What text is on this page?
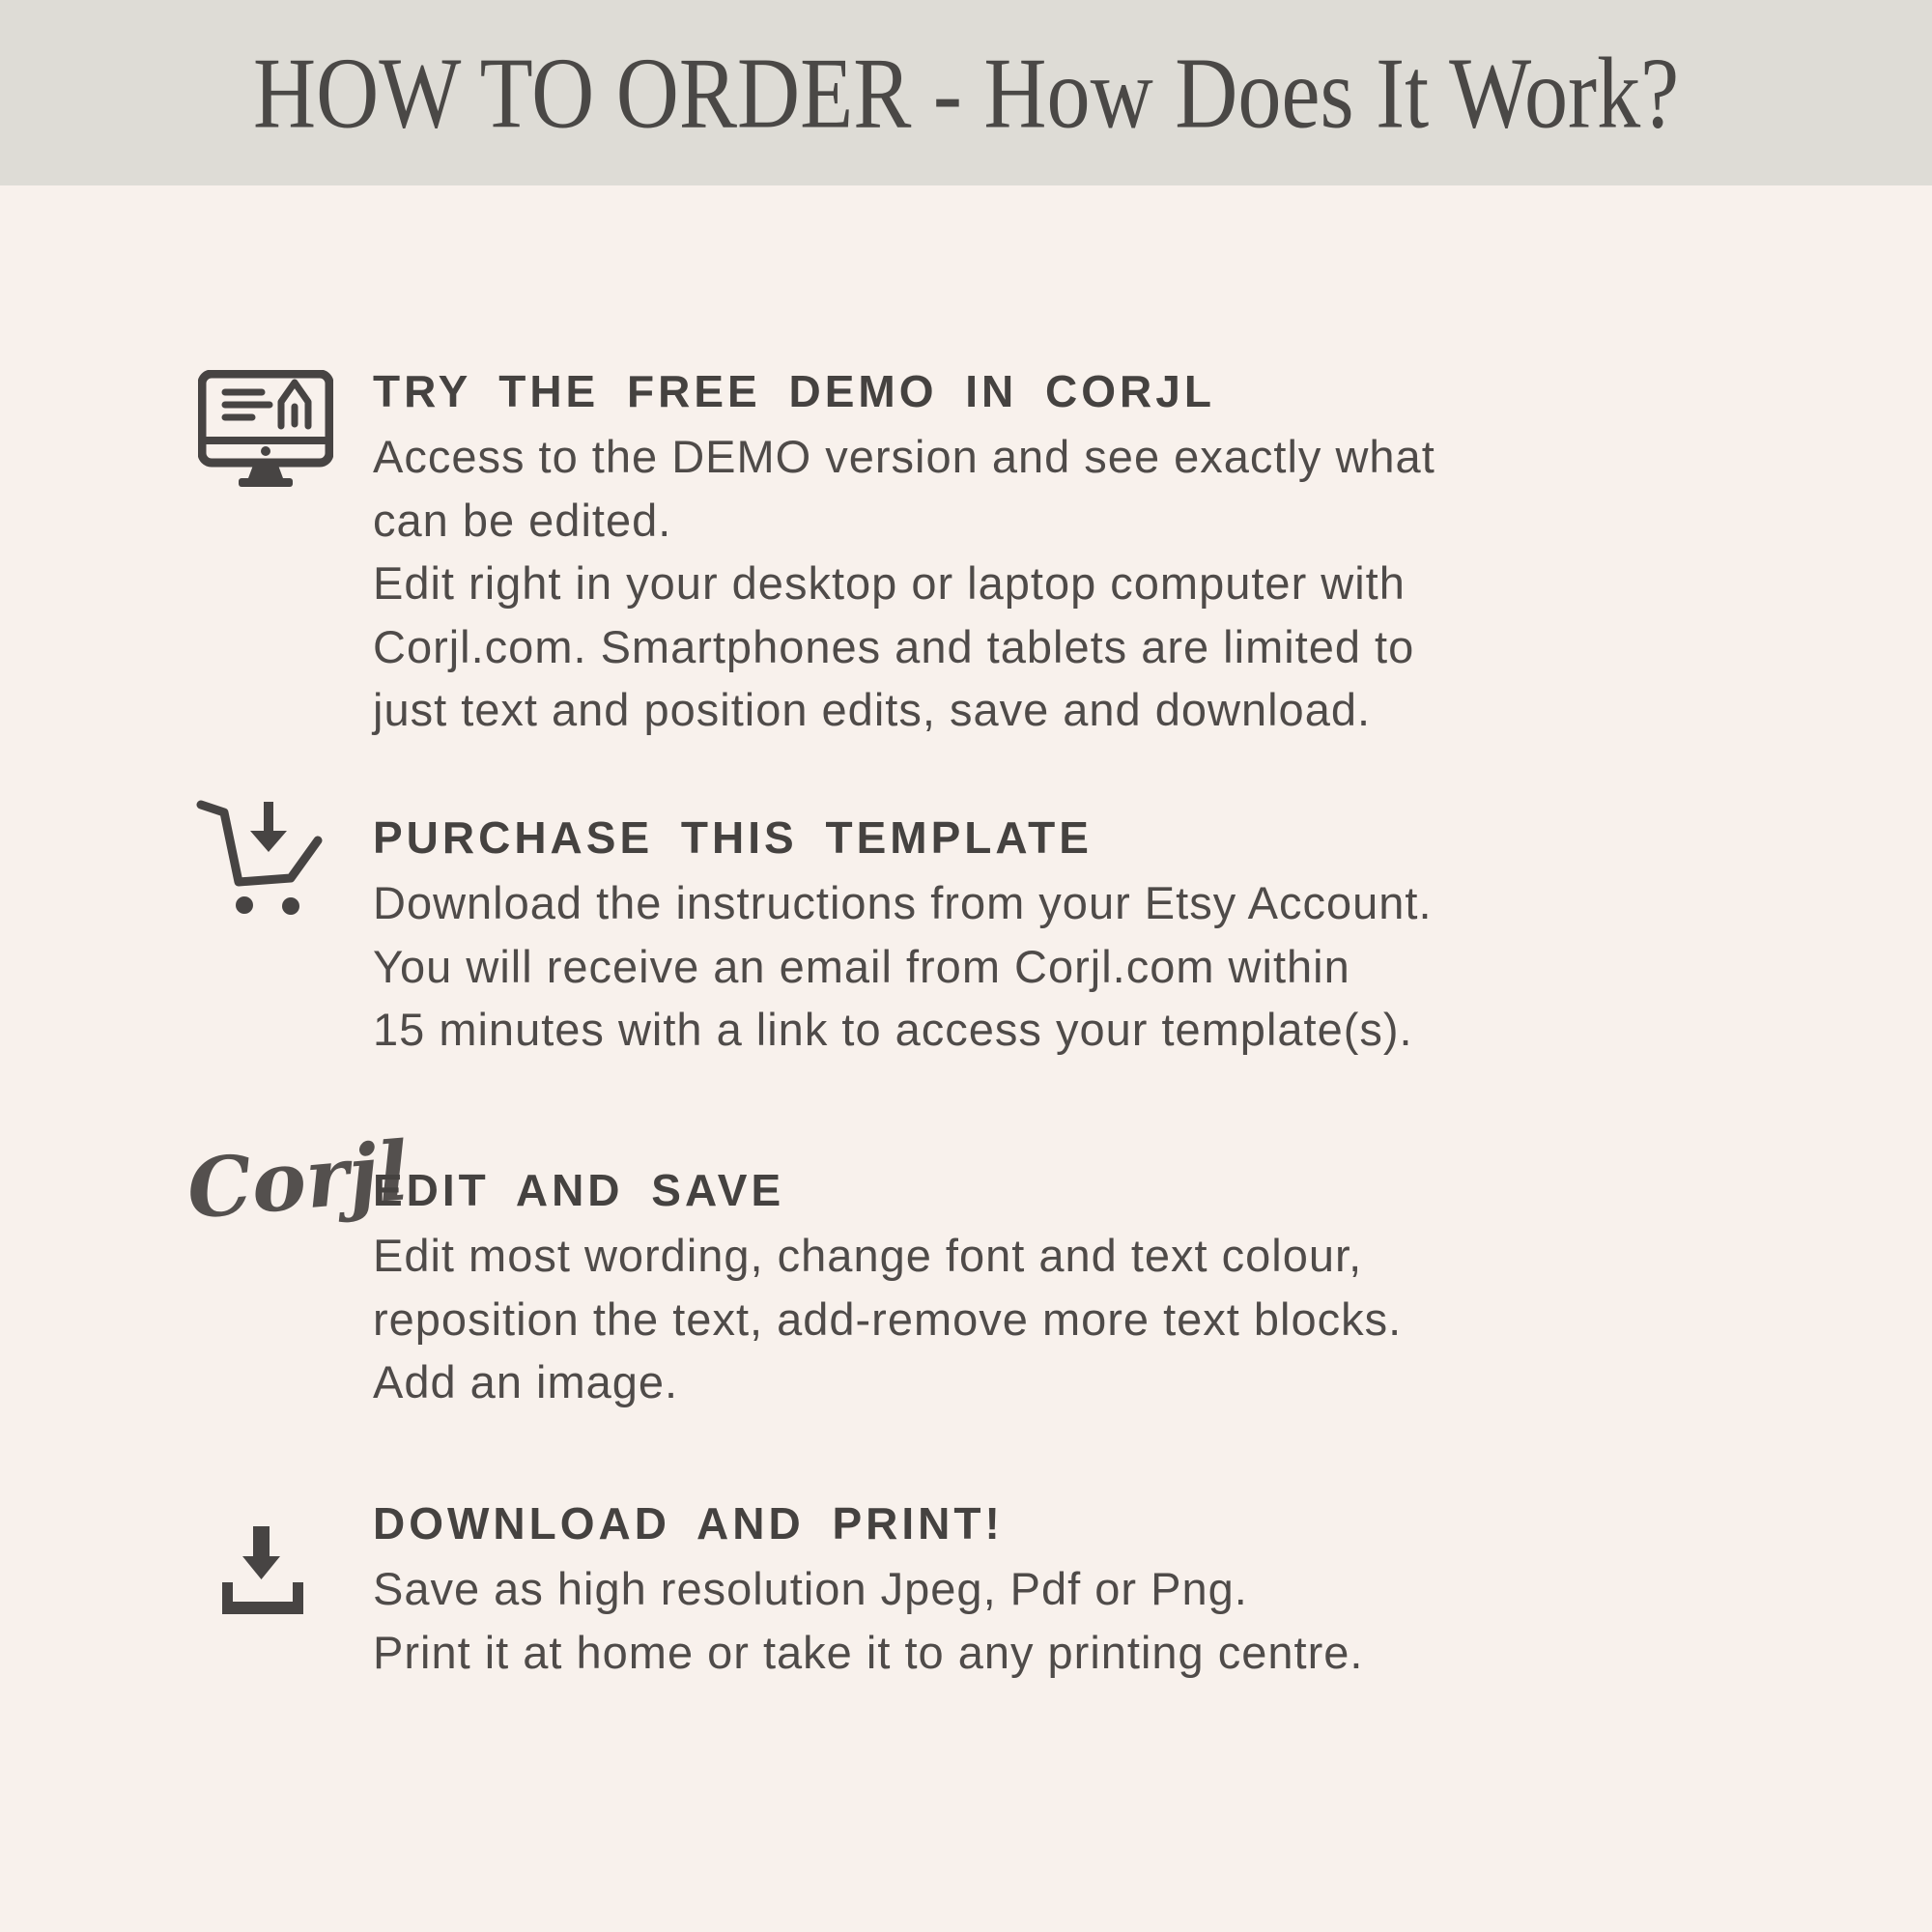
HOW TO ORDER - How Does It Work?
TRY THE FREE DEMO IN CORJL
Access to the DEMO version and see exactly what
can be edited.
Edit right in your desktop or laptop computer with
Corjl.com. Smartphones and tablets are limited to
just text and position edits, save and download.
PURCHASE THIS TEMPLATE
Download the instructions from your Etsy Account.
You will receive an email from Corjl.com within
15 minutes with a link to access your template(s).
Corjl
EDIT AND SAVE
Edit most wording, change font and text colour,
reposition the text, add-remove more text blocks.
Add an image.
DOWNLOAD AND PRINT!
Save as high resolution Jpeg, Pdf or Png.
Print it at home or take it to any printing centre.
